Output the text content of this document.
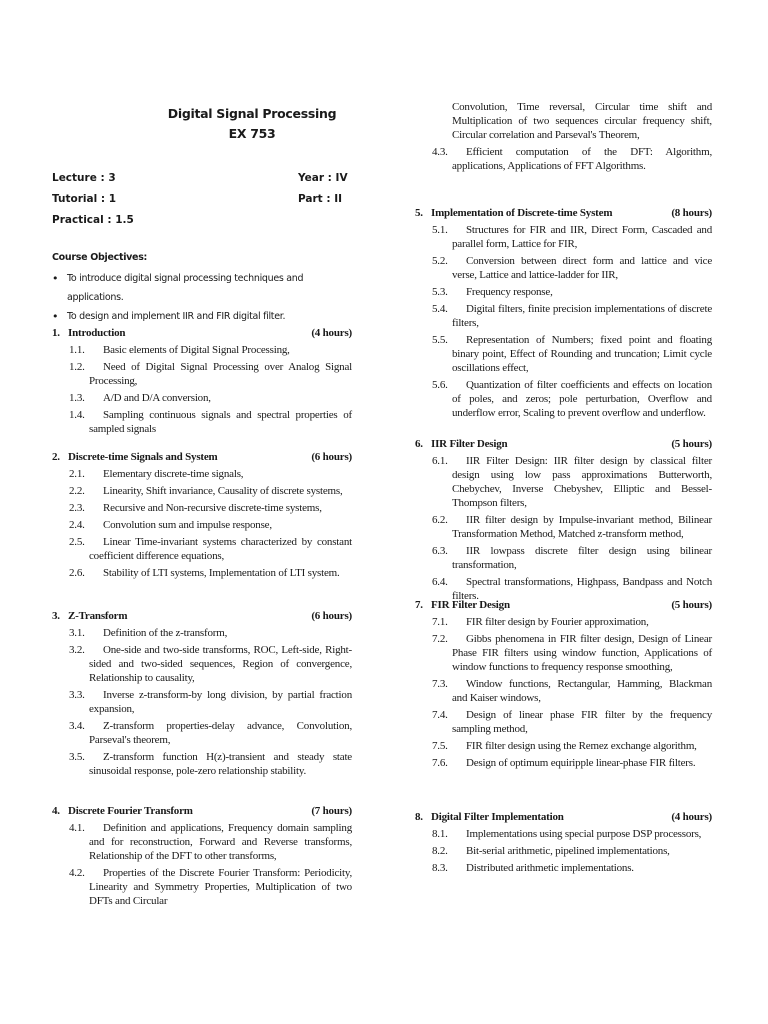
Digital Signal Processing
EX 753
Lecture : 3	Year : IV
Tutorial : 1	Part : II
Practical : 1.5
Course Objectives:
• To introduce digital signal processing techniques and applications.
• To design and implement IIR and FIR digital filter.
1. Introduction	(4 hours)
1.1.	Basic elements of Digital Signal Processing,
1.2.	Need of Digital Signal Processing over Analog Signal Processing,
1.3.	A/D and D/A conversion,
1.4.	Sampling continuous signals and spectral properties of sampled signals
2. Discrete-time Signals and System	(6 hours)
2.1.	Elementary discrete-time signals,
2.2.	Linearity, Shift invariance, Causality of discrete systems,
2.3.	Recursive and Non-recursive discrete-time systems,
2.4.	Convolution sum and impulse response,
2.5.	Linear Time-invariant systems characterized by constant coefficient difference equations,
2.6.	Stability of LTI systems, Implementation of LTI system.
3. Z-Transform	(6 hours)
3.1.	Definition of the z-transform,
3.2.	One-side and two-side transforms, ROC, Left-side, Right-sided and two-sided sequences, Region of convergence, Relationship to causality,
3.3.	Inverse z-transform-by long division, by partial fraction expansion,
3.4.	Z-transform properties-delay advance, Convolution, Parseval's theorem,
3.5.	Z-transform function H(z)-transient and steady state sinusoidal response, pole-zero relationship stability.
4. Discrete Fourier Transform	(7 hours)
4.1.	Definition and applications, Frequency domain sampling and for reconstruction, Forward and Reverse transforms, Relationship of the DFT to other transforms,
4.2.	Properties of the Discrete Fourier Transform: Periodicity, Linearity and Symmetry Properties, Multiplication of two DFTs and Circular
Convolution, Time reversal, Circular time shift and Multiplication of two sequences circular frequency shift, Circular correlation and Parseval's Theorem,
4.3.	Efficient computation of the DFT: Algorithm, applications, Applications of FFT Algorithms.
5. Implementation of Discrete-time System	(8 hours)
5.1.	Structures for FIR and IIR, Direct Form, Cascaded and parallel form, Lattice for FIR,
5.2.	Conversion between direct form and lattice and vice verse, Lattice and lattice-ladder for IIR,
5.3.	Frequency response,
5.4.	Digital filters, finite precision implementations of discrete filters,
5.5.	Representation of Numbers; fixed point and floating binary point, Effect of Rounding and truncation; Limit cycle oscillations effect,
5.6.	Quantization of filter coefficients and effects on location of poles, and zeros; pole perturbation, Overflow and underflow error, Scaling to prevent overflow and underflow.
6. IIR Filter Design	(5 hours)
6.1.	IIR Filter Design: IIR filter design by classical filter design using low pass approximations Butterworth, Chebychev, Inverse Chebyshev, Elliptic and Bessel-Thompson filters,
6.2.	IIR filter design by Impulse-invariant method, Bilinear Transformation Method, Matched z-transform method,
6.3.	IIR lowpass discrete filter design using bilinear transformation,
6.4.	Spectral transformations, Highpass, Bandpass and Notch filters.
7. FIR Filter Design	(5 hours)
7.1.	FIR filter design by Fourier approximation,
7.2.	Gibbs phenomena in FIR filter design, Design of Linear Phase FIR filters using window function, Applications of window functions to frequency response smoothing,
7.3.	Window functions, Rectangular, Hamming, Blackman and Kaiser windows,
7.4.	Design of linear phase FIR filter by the frequency sampling method,
7.5.	FIR filter design using the Remez exchange algorithm,
7.6.	Design of optimum equiripple linear-phase FIR filters.
8. Digital Filter Implementation	(4 hours)
8.1.	Implementations using special purpose DSP processors,
8.2.	Bit-serial arithmetic, pipelined implementations,
8.3.	Distributed arithmetic implementations.
